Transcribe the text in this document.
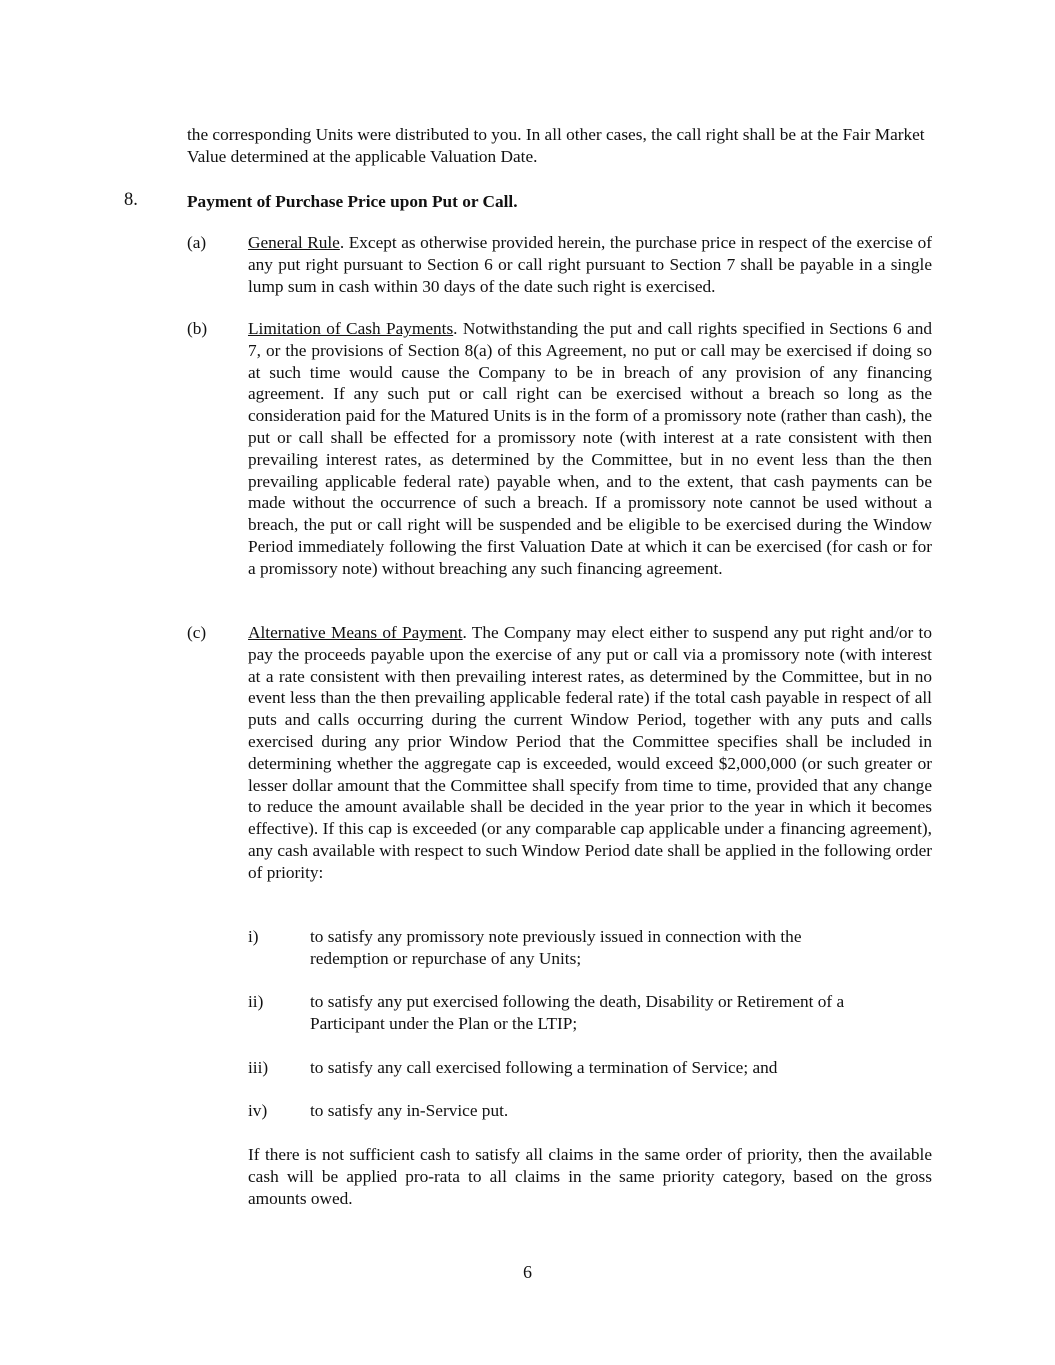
the corresponding Units were distributed to you. In all other cases, the call right shall be at the Fair Market Value determined at the applicable Valuation Date.

8.	Payment of Purchase Price upon Put or Call.
(a) General Rule. Except as otherwise provided herein, the purchase price in respect of the exercise of any put right pursuant to Section 6 or call right pursuant to Section 7 shall be payable in a single lump sum in cash within 30 days of the date such right is exercised.
(b) Limitation of Cash Payments. Notwithstanding the put and call rights specified in Sections 6 and 7, or the provisions of Section 8(a) of this Agreement, no put or call may be exercised if doing so at such time would cause the Company to be in breach of any provision of any financing agreement. If any such put or call right can be exercised without a breach so long as the consideration paid for the Matured Units is in the form of a promissory note (rather than cash), the put or call shall be effected for a promissory note (with interest at a rate consistent with then prevailing interest rates, as determined by the Committee, but in no event less than the then prevailing applicable federal rate) payable when, and to the extent, that cash payments can be made without the occurrence of such a breach. If a promissory note cannot be used without a breach, the put or call right will be suspended and be eligible to be exercised during the Window Period immediately following the first Valuation Date at which it can be exercised (for cash or for a promissory note) without breaching any such financing agreement.
(c) Alternative Means of Payment. The Company may elect either to suspend any put right and/or to pay the proceeds payable upon the exercise of any put or call via a promissory note (with interest at a rate consistent with then prevailing interest rates, as determined by the Committee, but in no event less than the then prevailing applicable federal rate) if the total cash payable in respect of all puts and calls occurring during the current Window Period, together with any puts and calls exercised during any prior Window Period that the Committee specifies shall be included in determining whether the aggregate cap is exceeded, would exceed $2,000,000 (or such greater or lesser dollar amount that the Committee shall specify from time to time, provided that any change to reduce the amount available shall be decided in the year prior to the year in which it becomes effective). If this cap is exceeded (or any comparable cap applicable under a financing agreement), any cash available with respect to such Window Period date shall be applied in the following order of priority:
i)	to satisfy any promissory note previously issued in connection with the redemption or repurchase of any Units;
ii)	to satisfy any put exercised following the death, Disability or Retirement of a Participant under the Plan or the LTIP;
iii) to satisfy any call exercised following a termination of Service; and
iv) to satisfy any in-Service put.

If there is not sufficient cash to satisfy all claims in the same order of priority, then the available cash will be applied pro-rata to all claims in the same priority category, based on the gross amounts owed.

6
